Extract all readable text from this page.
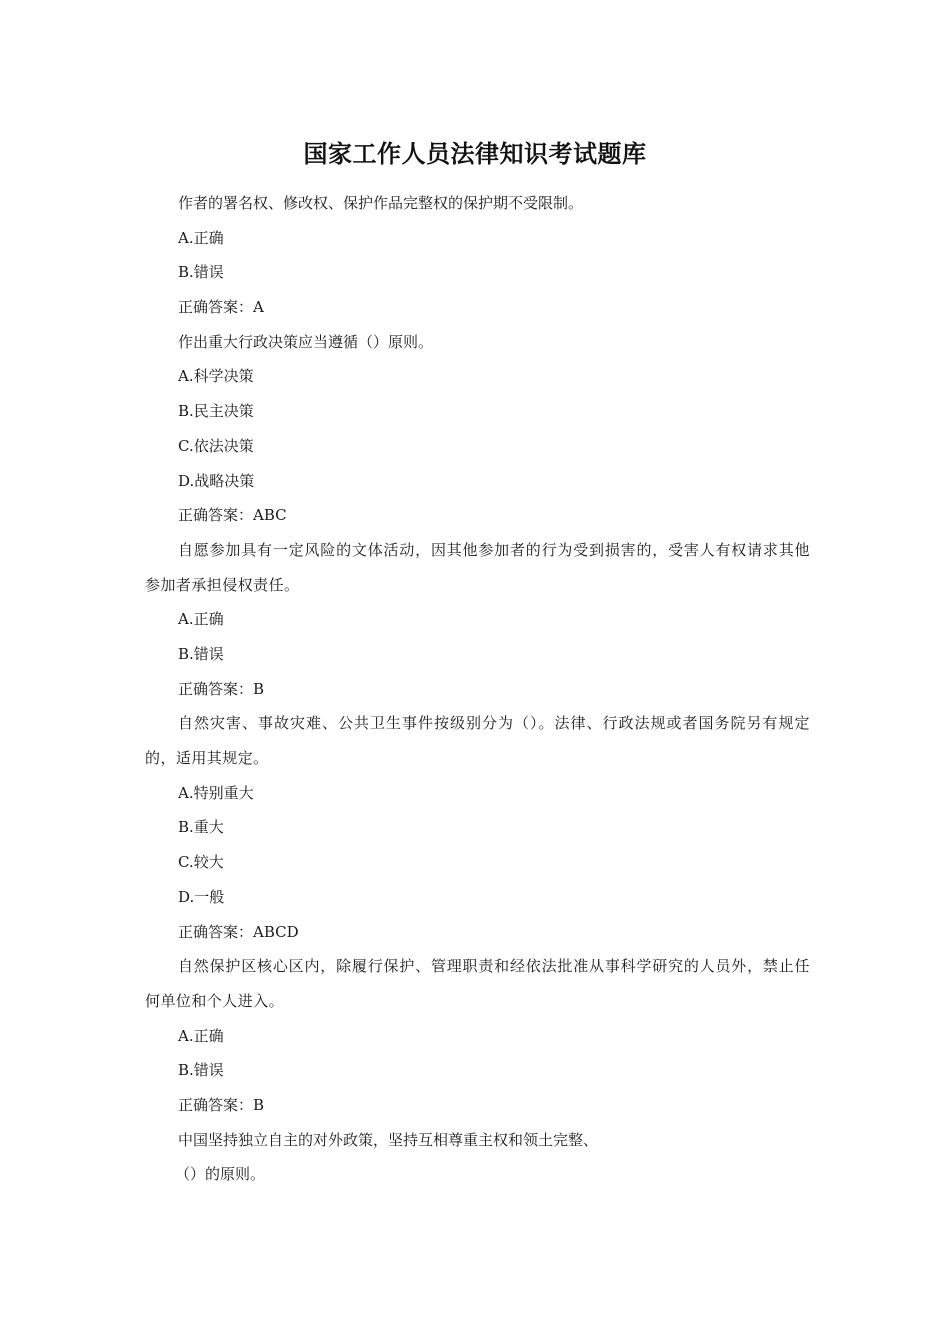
国家工作人员法律知识考试题库
作者的署名权、修改权、保护作品完整权的保护期不受限制。
A.正确
B.错误
正确答案：A
作出重大行政决策应当遵循（）原则。
A.科学决策
B.民主决策
C.依法决策
D.战略决策
正确答案：ABC
自愿参加具有一定风险的文体活动，因其他参加者的行为受到损害的，受害人有权请求其他参加者承担侵权责任。
A.正确
B.错误
正确答案：B
自然灾害、事故灾难、公共卫生事件按级别分为（）。法律、行政法规或者国务院另有规定的，适用其规定。
A.特别重大
B.重大
C.较大
D.一般
正确答案：ABCD
自然保护区核心区内，除履行保护、管理职责和经依法批准从事科学研究的人员外，禁止任何单位和个人进入。
A.正确
B.错误
正确答案：B
中国坚持独立自主的对外政策，坚持互相尊重主权和领土完整、
（）的原则。
